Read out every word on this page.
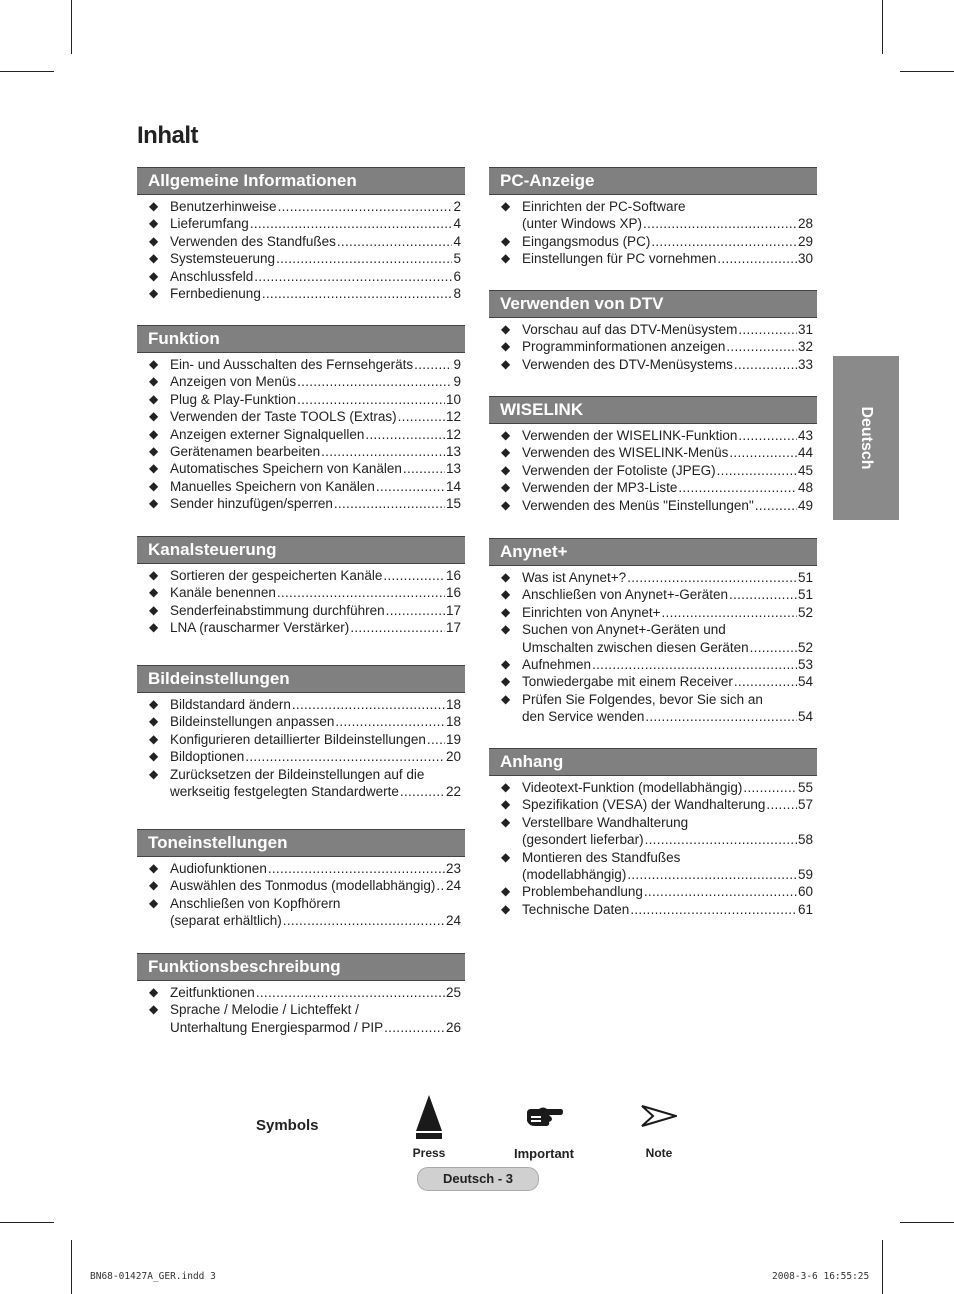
Inhalt
Allgemeine Informationen
◆ Benutzerhinweise .....	2
◆ Lieferumfang .....	4
◆ Verwenden des Standfußes .....	4
◆ Systemsteuerung .....	5
◆ Anschlussfeld .....	6
◆ Fernbedienung .....	8
Funktion
◆ Ein- und Ausschalten des Fernsehgeräts .....	9
◆ Anzeigen von Menüs .....	9
◆ Plug & Play-Funktion .....	10
◆ Verwenden der Taste TOOLS (Extras) .....	12
◆ Anzeigen externer Signalquellen .....	12
◆ Gerätenamen bearbeiten .....	13
◆ Automatisches Speichern von Kanälen .....	13
◆ Manuelles Speichern von Kanälen .....	14
◆ Sender hinzufügen/sperren .....	15
Kanalsteuerung
◆ Sortieren der gespeicherten Kanäle .....	16
◆ Kanäle benennen .....	16
◆ Senderfeinabstimmung durchführen .....	17
◆ LNA (rauscharmer Verstärker) .....	17
Bildeinstellungen
◆ Bildstandard ändern .....	18
◆ Bildeinstellungen anpassen .....	18
◆ Konfigurieren detaillierter Bildeinstellungen ..... 19
◆ Bildoptionen .....	20
◆ Zurücksetzen der Bildeinstellungen auf die
werkseitig festgelegten Standardwerte .....	22
Toneinstellungen
◆ Audiofunktionen .....	23
◆ Auswählen des Tonmodus (modellabhängig) ..... 24
◆ Anschließen von Kopfhörern
(separat erhältlich) .....	24
Funktionsbeschreibung
◆ Zeitfunktionen .....	25
◆ Sprache / Melodie / Lichteffekt /
Unterhaltung Energiesparmod / PIP .....	26
PC-Anzeige
◆ Einrichten der PC-Software
(unter Windows XP) .....	28
◆ Eingangsmodus (PC) .....	29
◆ Einstellungen für PC vornehmen .....	30
Verwenden von DTV
◆ Vorschau auf das DTV-Menüsystem .....	31
◆ Programminformationen anzeigen .....	32
◆ Verwenden des DTV-Menüsystems .....	33
WISELINK
◆ Verwenden der WISELINK-Funktion .....	43
◆ Verwenden des WISELINK-Menüs .....	44
◆ Verwenden der Fotoliste (JPEG) .....	45
◆ Verwenden der MP3-Liste .....	48
◆ Verwenden des Menüs "Einstellungen" .....	49
Anynet+
◆ Was ist Anynet+? .....	51
◆ Anschließen von Anynet+-Geräten .....	51
◆ Einrichten von Anynet+ .....	52
◆ Suchen von Anynet+-Geräten und
Umschalten zwischen diesen Geräten .....	52
◆ Aufnehmen .....	53
◆ Tonwiedergabe mit einem Receiver .....	54
◆ Prüfen Sie Folgendes, bevor Sie sich an
den Service wenden .....	54
Anhang
◆ Videotext-Funktion (modellabhängig) .....	55
◆ Spezifikation (VESA) der Wandhalterung ..... 57
◆ Verstellbare Wandhalterung
(gesondert lieferbar) .....	58
◆ Montieren des Standfußes
(modellabhängig) .....	59
◆ Problembehandlung .....	60
◆ Technische Daten .....	61
Deutsch
Symbols
Press	Important	Note
Deutsch - 3
BN68-01427A_GER.indd 3	2008-3-6 16:55:25
